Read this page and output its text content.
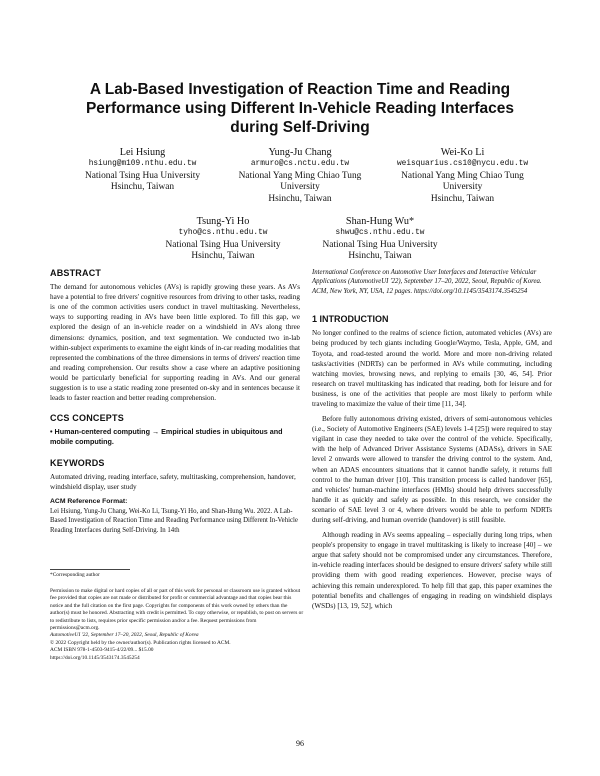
A Lab-Based Investigation of Reaction Time and Reading Performance using Different In-Vehicle Reading Interfaces during Self-Driving
Lei Hsiung
hsiung@m109.nthu.edu.tw
National Tsing Hua University
Hsinchu, Taiwan
Yung-Ju Chang
armuro@cs.nctu.edu.tw
National Yang Ming Chiao Tung University
Hsinchu, Taiwan
Wei-Ko Li
weisquarius.cs10@nycu.edu.tw
National Yang Ming Chiao Tung University
Hsinchu, Taiwan
Tsung-Yi Ho
tyho@cs.nthu.edu.tw
National Tsing Hua University
Hsinchu, Taiwan
Shan-Hung Wu*
shwu@cs.nthu.edu.tw
National Tsing Hua University
Hsinchu, Taiwan
ABSTRACT
The demand for autonomous vehicles (AVs) is rapidly growing these years. As AVs have a potential to free drivers' cognitive resources from driving to other tasks, reading is one of the common activities users conduct in travel multitasking. Nevertheless, ways to supporting reading in AVs have been little explored. To fill this gap, we explored the design of an in-vehicle reader on a windshield in AVs along three dimensions: dynamics, position, and text segmentation. We conducted two in-lab within-subject experiments to examine the eight kinds of in-car reading modalities that represented the combinations of the three dimensions in terms of drivers' reaction time and reading comprehension. Our results show a case where an adaptive positioning would be particularly beneficial for supporting reading in AVs. And our general suggestion is to use a static reading zone presented on-sky and in sentences because it leads to faster reaction and better reading comprehension.
CCS CONCEPTS
• Human-centered computing → Empirical studies in ubiquitous and mobile computing.
KEYWORDS
Automated driving, reading interface, safety, multitasking, comprehension, handover, windshield display, user study
ACM Reference Format:
Lei Hsiung, Yung-Ju Chang, Wei-Ko Li, Tsung-Yi Ho, and Shan-Hung Wu. 2022. A Lab-Based Investigation of Reaction Time and Reading Performance using Different In-Vehicle Reading Interfaces during Self-Driving. In 14th
*Corresponding author
Permission to make digital or hard copies of all or part of this work for personal or classroom use is granted without fee provided that copies are not made or distributed for profit or commercial advantage and that copies bear this notice and the full citation on the first page. Copyrights for components of this work owned by others than the author(s) must be honored. Abstracting with credit is permitted. To copy otherwise, or republish, to post on servers or to redistribute to lists, requires prior specific permission and/or a fee. Request permissions from permissions@acm.org.
AutomotiveUI '22, September 17–20, 2022, Seoul, Republic of Korea
© 2022 Copyright held by the owner/author(s). Publication rights licensed to ACM.
ACM ISBN 978-1-4503-9415-4/22/09... $15.00
https://doi.org/10.1145/3543174.3545254
International Conference on Automotive User Interfaces and Interactive Vehicular Applications (AutomotiveUI '22), September 17–20, 2022, Seoul, Republic of Korea. ACM, New York, NY, USA, 12 pages. https://doi.org/10.1145/3543174.3545254
1 INTRODUCTION

No longer confined to the realms of science fiction, automated vehicles (AVs) are being produced by tech giants including Google/Waymo, Tesla, Apple, GM, and Toyota, and road-tested around the world. More and more non-driving related tasks/activities (NDRTs) can be performed in AVs while commuting, including watching movies, browsing news, and replying to emails [30, 46, 54]. Prior research on travel multitasking has indicated that reading, both for leisure and for business, is one of the activities that people are most likely to perform while traveling to maximize the value of their time [11, 34].

Before fully autonomous driving existed, drivers of semi-autonomous vehicles (i.e., Society of Automotive Engineers (SAE) levels 1-4 [25]) were required to stay vigilant in case they needed to take over the control of the vehicle. Specifically, with the help of Advanced Driver Assistance Systems (ADASs), drivers in SAE level 2 onwards were allowed to transfer the driving control to the system. And, when an ADAS encounters situations that it cannot handle safely, it returns full control to the human driver [10]. This transition process is called handover [65], and vehicles' human-machine interfaces (HMIs) should help drivers successfully handle it as quickly and safely as possible. In this research, we consider the scenario of SAE level 3 or 4, where drivers would be able to perform NDRTs during self-driving, and human override (handover) is still feasible.

Although reading in AVs seems appealing – especially during long trips, when people's propensity to engage in travel multitasking is likely to increase [40] – we argue that safety should not be compromised under any circumstances. Therefore, in-vehicle reading interfaces should be designed to ensure drivers' safety while still providing them with good reading experiences. However, precise ways of achieving this remain underexplored. To help fill that gap, this paper examines the potential benefits and challenges of engaging in reading on windshield displays (WSDs) [13, 19, 52], which

96
